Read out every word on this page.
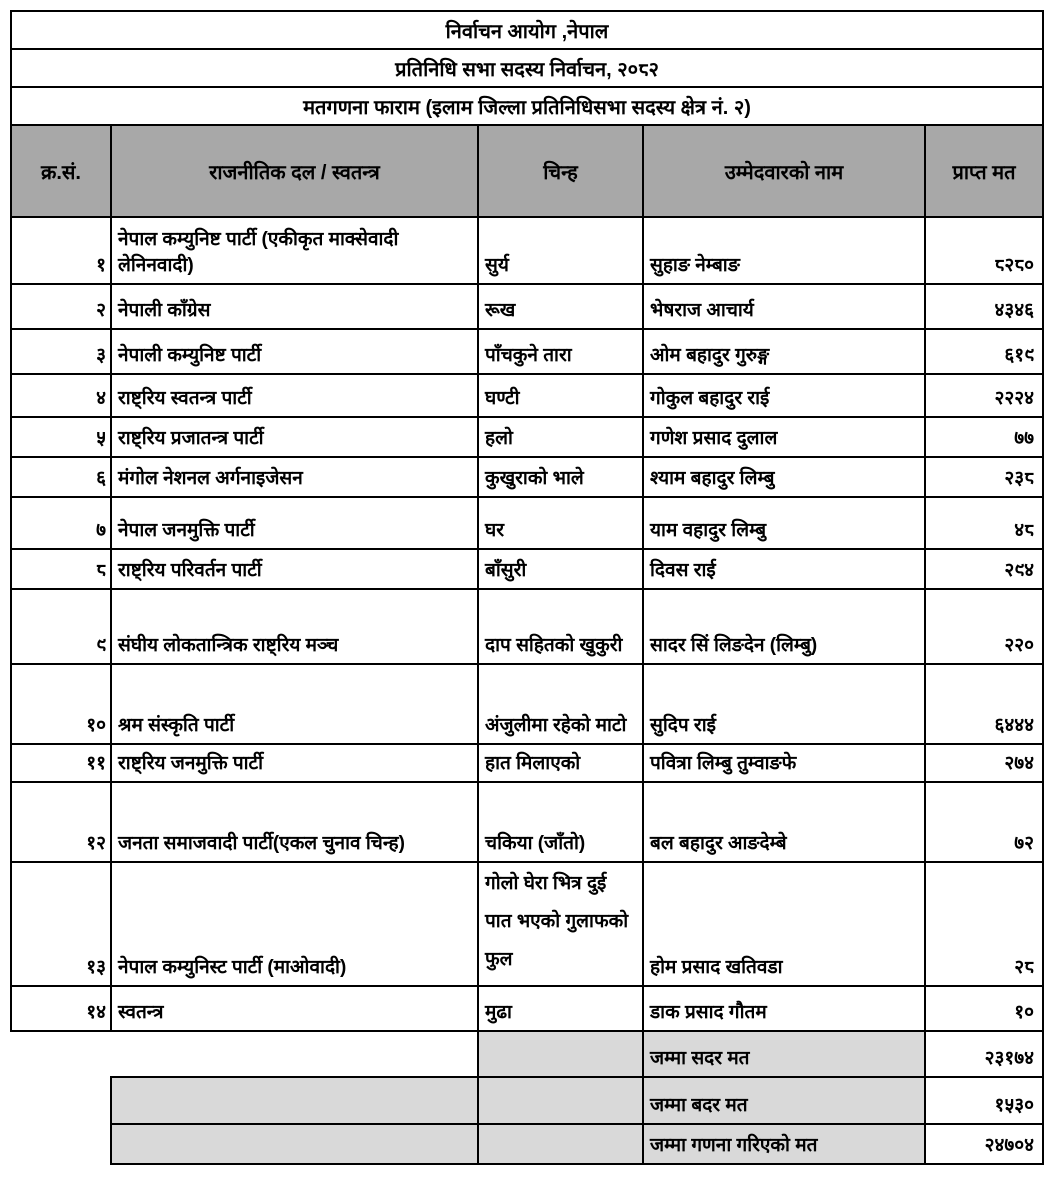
निर्वाचन आयोग ,नेपाल				
प्रतिनिधि सभा सदस्य निर्वाचन, २०८२				
मतगणना फाराम (इलाम जिल्ला प्रतिनिधिसभा सदस्य क्षेत्र नं. २)				
क्र.सं.	राजनीतिक दल / स्वतन्त्र	चिन्ह	उम्मेदवारको नाम	प्राप्त मत
१	नेपाल कम्युनिष्ट पार्टी (एकीकृत माक्सेवादी लेनिनवादी)	सुर्य	सुहाङ नेम्बाङ	८२८०
२	नेपाली काँग्रेस	रूख	भेषराज आचार्य	४३४६
३	नेपाली कम्युनिष्ट पार्टी	पाँचकुने तारा	ओम बहादुर गुरुङ्ग	६१९
४	राष्ट्रिय स्वतन्त्र पार्टी	घण्टी	गोकुल बहादुर राई	२२२४
५	राष्ट्रिय प्रजातन्त्र पार्टी	हलो	गणेश प्रसाद दुलाल	७७
६	मंगोल नेशनल अर्गनाइजेसन	कुखुराको भाले	श्याम बहादुर लिम्बु	२३८
७	नेपाल जनमुक्ति पार्टी	घर	याम वहादुर लिम्बु	४८
८	राष्ट्रिय परिवर्तन पार्टी	बाँसुरी	दिवस राई	२९४
९	संघीय लोकतान्त्रिक राष्ट्रिय मञ्च	दाप सहितको खुकुरी	सादर सिं लिङदेन (लिम्बु)	२२०
१०	श्रम संस्कृति पार्टी	अंजुलीमा रहेको माटो	सुदिप राई	६४४४
११	राष्ट्रिय जनमुक्ति पार्टी	हात मिलाएको	पवित्रा लिम्बु तुम्वाङफे	२७४
१२	जनता समाजवादी पार्टी(एकल चुनाव चिन्ह)	चकिया (जाँतो)	बल बहादुर आङदेम्बे	७२
१३	नेपाल कम्युनिस्ट पार्टी (माओवादी)	गोलो घेरा भित्र दुई पात भएको गुलाफको फुल	होम प्रसाद खतिवडा	२८
१४	स्वतन्त्र	मुढा	डाक प्रसाद गौतम	१०
			जम्मा सदर मत	२३१७४
			जम्मा बदर मत	१५३०
			जम्मा गणना गरिएको मत	२४७०४
